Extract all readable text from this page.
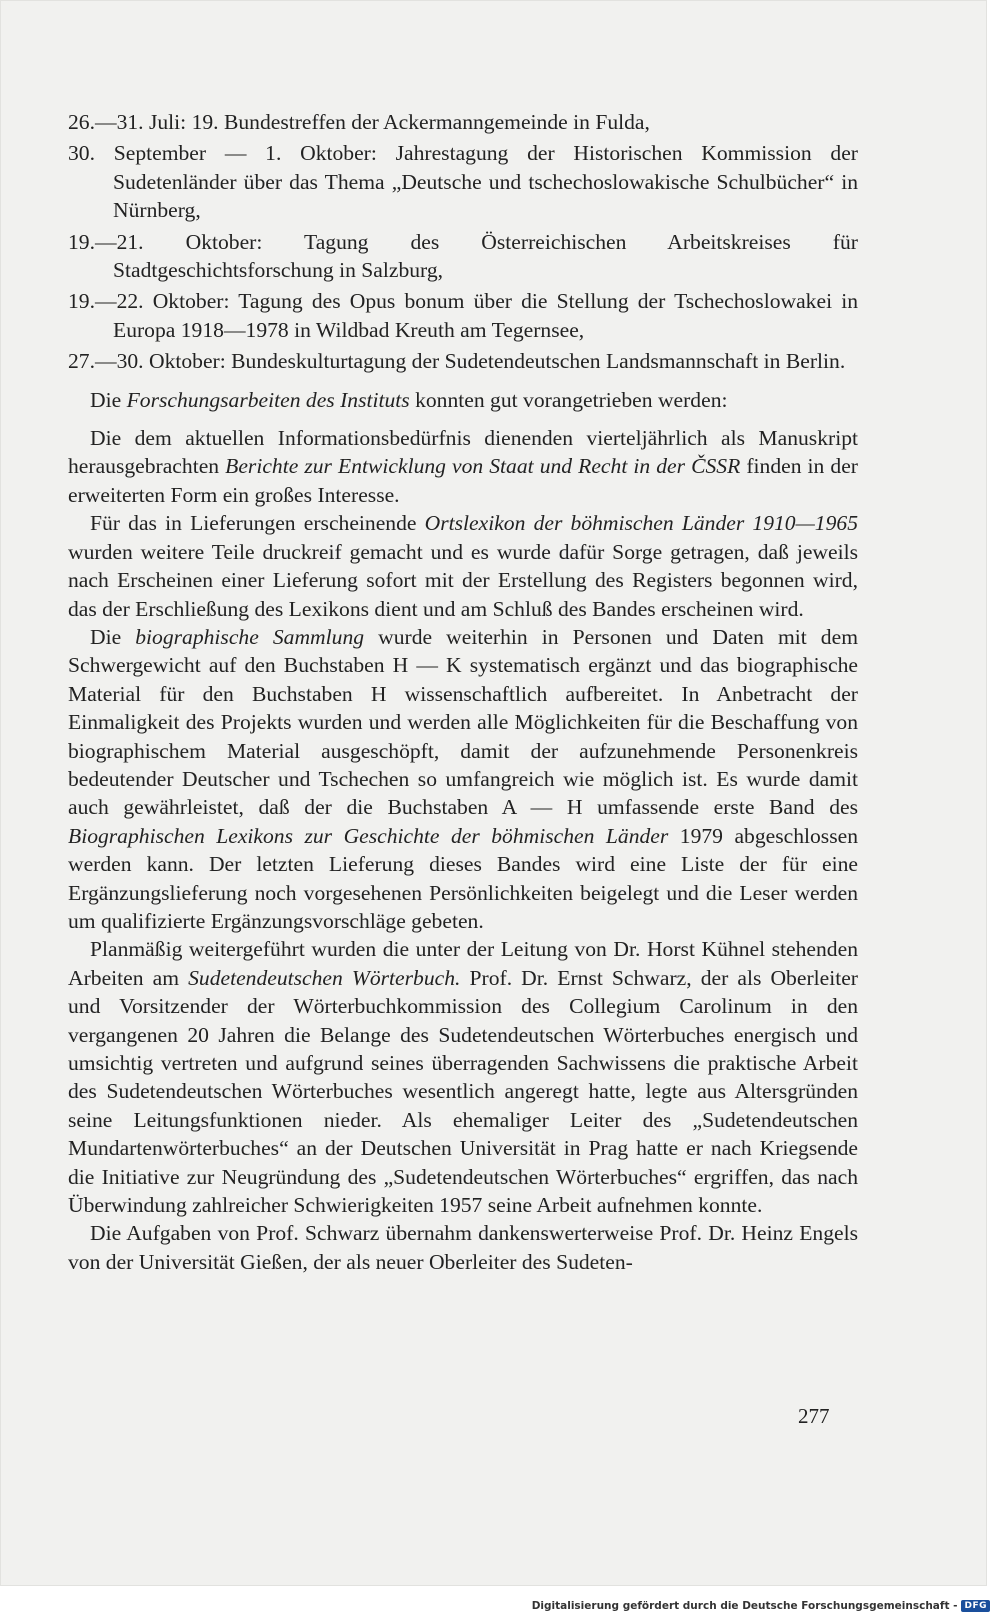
26.—31. Juli: 19. Bundestreffen der Ackermanngemeinde in Fulda,

30. September — 1. Oktober: Jahrestagung der Historischen Kommission der Sudetenländer über das Thema „Deutsche und tschechoslowakische Schulbücher“ in Nürnberg,

19.—21. Oktober: Tagung des Österreichischen Arbeitskreises für Stadtgeschichtsforschung in Salzburg,

19.—22. Oktober: Tagung des Opus bonum über die Stellung der Tschechoslowakei in Europa 1918—1978 in Wildbad Kreuth am Tegernsee,

27.—30. Oktober: Bundeskulturtagung der Sudetendeutschen Landsmannschaft in Berlin.

Die Forschungsarbeiten des Instituts konnten gut vorangetrieben werden:

Die dem aktuellen Informationsbedürfnis dienenden vierteljährlich als Manuskript herausgebrachten Berichte zur Entwicklung von Staat und Recht in der ČSSR finden in der erweiterten Form ein großes Interesse.

Für das in Lieferungen erscheinende Ortslexikon der böhmischen Länder 1910—1965 wurden weitere Teile druckreif gemacht und es wurde dafür Sorge getragen, daß jeweils nach Erscheinen einer Lieferung sofort mit der Erstellung des Registers begonnen wird, das der Erschließung des Lexikons dient und am Schluß des Bandes erscheinen wird.

Die biographische Sammlung wurde weiterhin in Personen und Daten mit dem Schwergewicht auf den Buchstaben H — K systematisch ergänzt und das biographische Material für den Buchstaben H wissenschaftlich aufbereitet. In Anbetracht der Einmaligkeit des Projekts wurden und werden alle Möglichkeiten für die Beschaffung von biographischem Material ausgeschöpft, damit der aufzunehmende Personenkreis bedeutender Deutscher und Tschechen so umfangreich wie möglich ist. Es wurde damit auch gewährleistet, daß der die Buchstaben A — H umfassende erste Band des Biographischen Lexikons zur Geschichte der böhmischen Länder 1979 abgeschlossen werden kann. Der letzten Lieferung dieses Bandes wird eine Liste der für eine Ergänzungslieferung noch vorgesehenen Persönlichkeiten beigelegt und die Leser werden um qualifizierte Ergänzungsvorschläge gebeten.

Planmäßig weitergeführt wurden die unter der Leitung von Dr. Horst Kühnel stehenden Arbeiten am Sudetendeutschen Wörterbuch. Prof. Dr. Ernst Schwarz, der als Oberleiter und Vorsitzender der Wörterbuchkommission des Collegium Carolinum in den vergangenen 20 Jahren die Belange des Sudetendeutschen Wörterbuches energisch und umsichtig vertreten und aufgrund seines überragenden Sachwissens die praktische Arbeit des Sudetendeutschen Wörterbuches wesentlich angeregt hatte, legte aus Altersgründen seine Leitungsfunktionen nieder. Als ehemaliger Leiter des „Sudetendeutschen Mundartenwörterbuches“ an der Deutschen Universität in Prag hatte er nach Kriegsende die Initiative zur Neugründung des „Sudetendeutschen Wörterbuches“ ergriffen, das nach Überwindung zahlreicher Schwierigkeiten 1957 seine Arbeit aufnehmen konnte.

Die Aufgaben von Prof. Schwarz übernahm dankenswerterweise Prof. Dr. Heinz Engels von der Universität Gießen, der als neuer Oberleiter des Sudeten-

277
Digitalisierung gefördert durch die Deutsche Forschungsgemeinschaft - DFG
